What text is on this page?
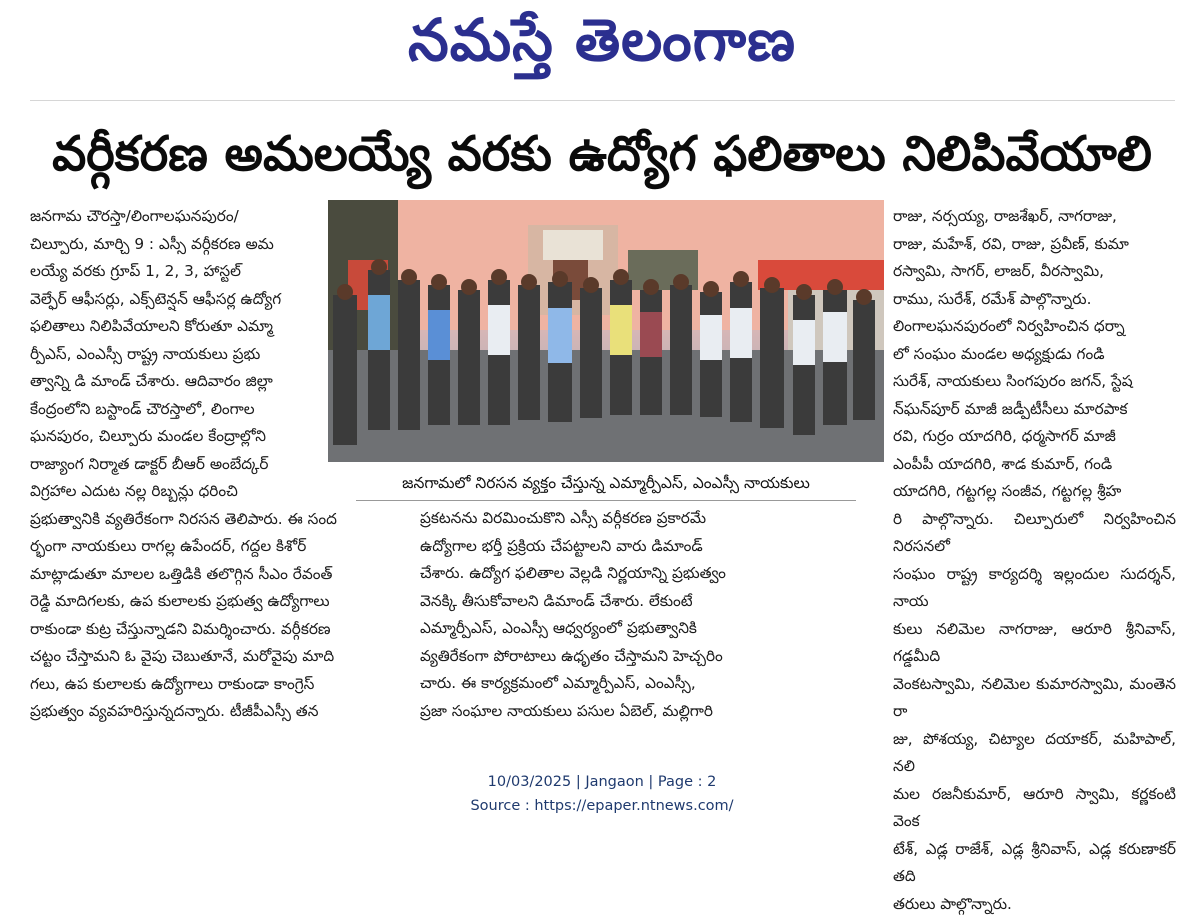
నమస్తే తెలంగాణ
వర్గీకరణ అమలయ్యే వరకు ఉద్యోగ ఫలితాలు నిలిపివేయాలి

జనగామ చౌరస్తా/లింగాలఘనపురం/

చిల్పూరు, మార్చి 9 : ఎస్సీ వర్గీకరణ అమ

లయ్యే వరకు గ్రూప్ 1, 2, 3, హాస్టల్

వెల్ఫేర్ ఆఫీసర్లు, ఎక్స్‌టెన్షన్ ఆఫీసర్ల ఉద్యోగ

ఫలితాలు నిలిపివేయాలని కోరుతూ ఎమ్మా

ర్పీఎస్, ఎంఎస్సీ రాష్ట్ర నాయకులు ప్రభు

త్వాన్ని డి మాండ్ చేశారు. ఆదివారం జిల్లా

కేంద్రంలోని బస్టాండ్ చౌరస్తాలో, లింగాల

ఘనపురం, చిల్పూరు మండల కేంద్రాల్లోని

రాజ్యాంగ నిర్మాత డాక్టర్ బీఆర్ అంబేద్కర్

విగ్రహాల ఎదుట నల్ల రిబ్బన్లు ధరించి

ప్రభుత్వానికి వ్యతిరేకంగా నిరసన తెలిపారు. ఈ సంద

ర్భంగా నాయకులు రాగల్ల ఉపేందర్, గద్దల కిశోర్

మాట్లాడుతూ మాలల ఒత్తిడికి తలొగ్గిన సీఎం రేవంత్

రెడ్డి మాదిగలకు, ఉప కులాలకు ప్రభుత్వ ఉద్యోగాలు

రాకుండా కుట్ర చేస్తున్నాడని విమర్శించారు. వర్గీకరణ

చట్టం చేస్తామని ఓ వైపు చెబుతూనే, మరోవైపు మాది

గలు, ఉప కులాలకు ఉద్యోగాలు రాకుండా కాంగ్రెస్

ప్రభుత్వం వ్యవహరిస్తున్నదన్నారు. టీజీపీఎస్సీ తన

జనగామలో నిరసన వ్యక్తం చేస్తున్న ఎమ్మార్పీఎస్, ఎంఎస్సీ నాయకులు

ప్రకటనను విరమించుకొని ఎస్సీ వర్గీకరణ ప్రకారమే

ఉద్యోగాల భర్తీ ప్రక్రియ చేపట్టాలని వారు డిమాండ్

చేశారు. ఉద్యోగ ఫలితాల వెల్లడి నిర్ణయాన్ని ప్రభుత్వం

వెనక్కి తీసుకోవాలని డిమాండ్ చేశారు. లేకుంటే

ఎమ్మార్పీఎస్, ఎంఎస్సీ ఆధ్వర్యంలో ప్రభుత్వానికి

వ్యతిరేకంగా పోరాటాలు ఉధృతం చేస్తామని హెచ్చరిం

చారు. ఈ కార్యక్రమంలో ఎమ్మార్పీఎస్, ఎంఎస్సీ,

ప్రజా సంఘాల నాయకులు పసుల ఏబెల్, మల్లిగారి

రాజు, నర్సయ్య, రాజశేఖర్, నాగరాజు,

రాజు, మహేశ్, రవి, రాజు, ప్రవీణ్, కుమా

రస్వామి, సాగర్, లాజర్, వీరస్వామి,

రాము, సురేశ్, రమేశ్ పాల్గొన్నారు.

లింగాలఘనపురంలో నిర్వహించిన ధర్నా

లో సంఘం మండల అధ్యక్షుడు గండి

సురేశ్, నాయకులు సింగపురం జగన్, స్టేష

న్‌ఘన్‌పూర్ మాజీ జడ్పీటీసీలు మారపాక

రవి, గుర్రం యాదగిరి, ధర్మసాగర్ మాజీ

ఎంపీపీ యాదగిరి, శాడ కుమార్, గండి

యాదగిరి, గట్టగల్ల సంజీవ, గట్టగల్ల శ్రీహ

రి పాల్గొన్నారు. చిల్పూరులో నిర్వహించిన నిరసనలో

సంఘం రాష్ట్ర కార్యదర్శి ఇల్లందుల సుదర్శన్, నాయ

కులు నలిమెల నాగరాజు, ఆరూరి శ్రీనివాస్, గడ్డమీది

వెంకటస్వామి, నలిమెల కుమారస్వామి, మంతెన రా

జు, పోశయ్య, చిట్యాల దయాకర్, మహిపాల్, నలి

మల రజనీకుమార్, ఆరూరి స్వామి, కర్ణకంటి వెంక

టేశ్, ఎడ్ల రాజేశ్, ఎడ్ల శ్రీనివాస్, ఎడ్ల కరుణాకర్ తది

తరులు పాల్గొన్నారు.

10/03/2025 | Jangaon | Page : 2
Source : https://epaper.ntnews.com/
